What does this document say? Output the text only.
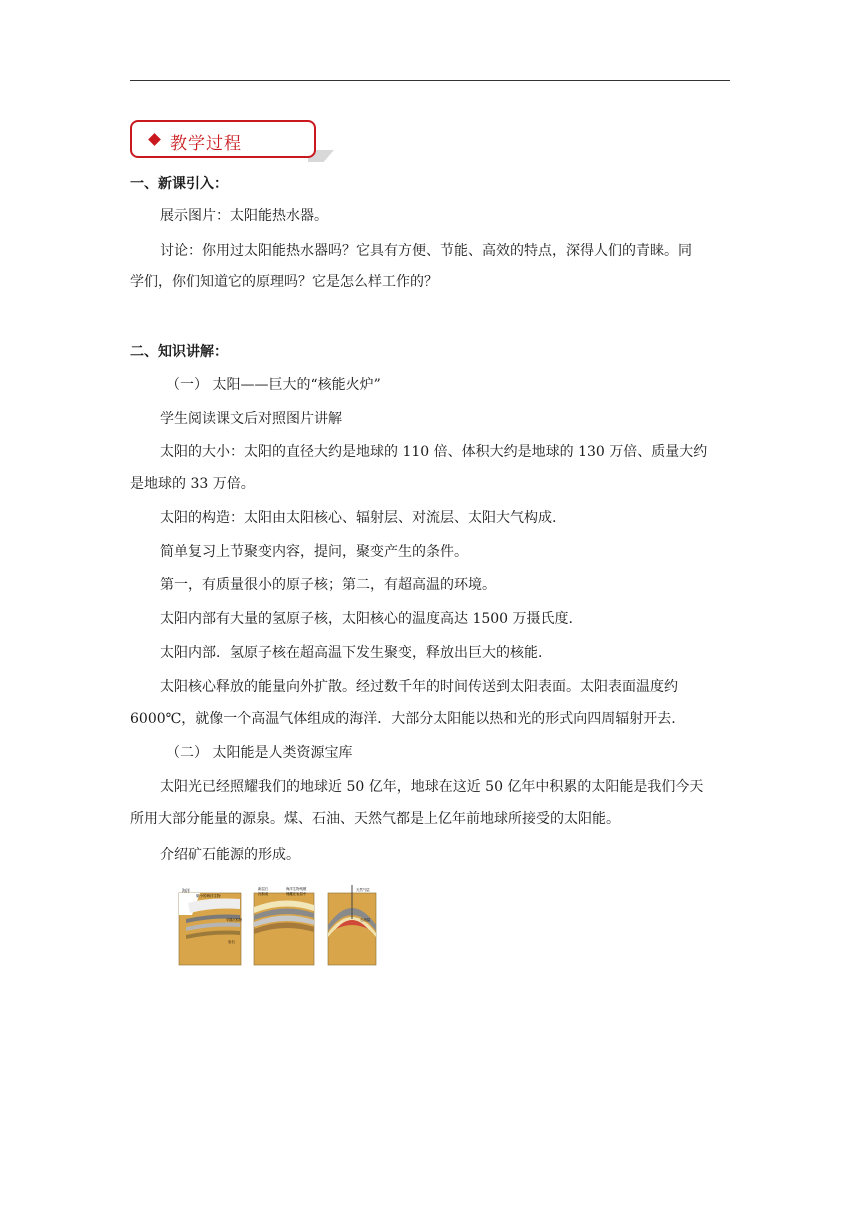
教学过程
一、新课引入：
展示图片：太阳能热水器。
讨论：你用过太阳能热水器吗？它具有方便、节能、高效的特点，深得人们的青睐。同
学们，你们知道它的原理吗？它是怎么样工作的？
二、知识讲解：
（一） 太阳——巨大的“核能火炉”
学生阅读课文后对照图片讲解
太阳的大小：太阳的直径大约是地球的 110 倍、体积大约是地球的 130 万倍、质量大约
是地球的 33 万倍。
太阳的构造：太阳由太阳核心、辐射层、对流层、太阳大气构成.
简单复习上节聚变内容，提问，聚变产生的条件。
第一，有质量很小的原子核；第二，有超高温的环境。
太阳内部有大量的氢原子核，太阳核心的温度高达 1500 万摄氏度.
太阳内部．氢原子核在超高温下发生聚变，释放出巨大的核能.
太阳核心释放的能量向外扩散。经过数千年的时间传送到太阳表面。太阳表面温度约
6000℃，就像一个高温气体组成的海洋．大部分太阳能以热和光的形式向四周辐射开去.
（二） 太阳能是人类资源宝库
太阳光已经照耀我们的地球近 50 亿年，地球在这近 50 亿年中积累的太阳能是我们今天
所用大部分能量的源泉。煤、石油、天然气都是上亿年前地球所接受的太阳能。
介绍矿石能源的形成。
海洋
微小的海洋生物
早期沉积物
岩石
新层石
沉积成
海洋生物残骸
埋藏在岩层中
天然气层
石油层
